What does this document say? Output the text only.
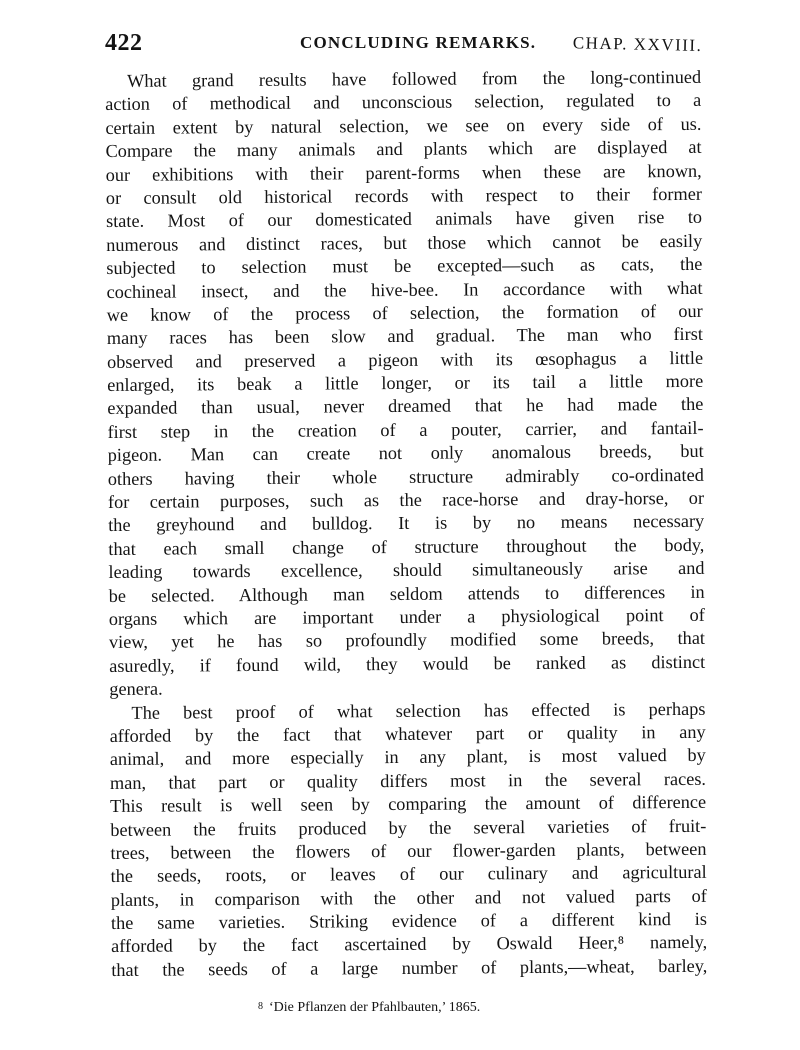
422	CONCLUDING REMARKS. CHAP. XXVIII.
What grand results have followed from the long-continued
action of methodical and unconscious selection, regulated to a
certain extent by natural selection, we see on every side of us.
Compare the many animals and plants which are displayed at
our exhibitions with their parent-forms when these are known,
or consult old historical records with respect to their former
state. Most of our domesticated animals have given rise to
numerous and distinct races, but those which cannot be easily
subjected to selection must be excepted—such as cats, the
cochineal insect, and the hive-bee. In accordance with what
we know of the process of selection, the formation of our
many races has been slow and gradual. The man who first
observed and preserved a pigeon with its œsophagus a little
enlarged, its beak a little longer, or its tail a little more
expanded than usual, never dreamed that he had made the
first step in the creation of a pouter, carrier, and fantail-
pigeon. Man can create not only anomalous breeds, but
others having their whole structure admirably co-ordinated
for certain purposes, such as the race-horse and dray-horse, or
the greyhound and bulldog. It is by no means necessary
that each small change of structure throughout the body,
leading towards excellence, should simultaneously arise and
be selected. Although man seldom attends to differences in
organs which are important under a physiological point of
view, yet he has so profoundly modified some breeds, that
asuredly, if found wild, they would be ranked as distinct
genera.
The best proof of what selection has effected is perhaps
afforded by the fact that whatever part or quality in any
animal, and more especially in any plant, is most valued by
man, that part or quality differs most in the several races.
This result is well seen by comparing the amount of difference
between the fruits produced by the several varieties of fruit-
trees, between the flowers of our flower-garden plants, between
the seeds, roots, or leaves of our culinary and agricultural
plants, in comparison with the other and not valued parts of
the same varieties. Striking evidence of a different kind is
afforded by the fact ascertained by Oswald Heer,⁸ namely,
that the seeds of a large number of plants,—wheat, barley,
8 ‘Die Pflanzen der Pfahlbauten,’ 1865.
